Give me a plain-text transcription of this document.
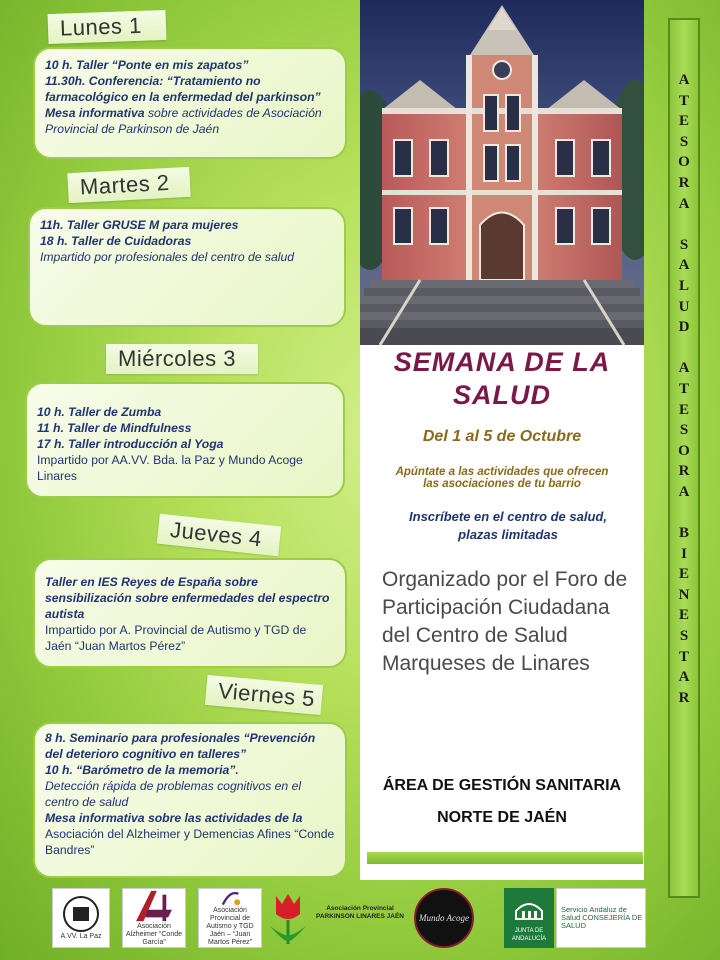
Lunes 1
10 h. Taller “Ponte en mis zapatos”
11.30h. Conferencia: “Tratamiento no farmacológico en la enfermedad del parkinson”
Mesa informativa sobre actividades de Asociación Provincial de Parkinson de Jaén
Martes 2
11h. Taller GRUSE M para mujeres
18 h. Taller de Cuidadoras
Impartido por profesionales del centro de salud
Miércoles 3
10 h. Taller de Zumba
11 h. Taller de Mindfulness
17 h. Taller introducción al Yoga
Impartido por AA.VV. Bda. la Paz y Mundo Acoge Linares
Jueves 4
Taller en IES Reyes de España sobre sensibilización sobre enfermedades del espectro autista
Impartido por A. Provincial de Autismo y TGD de Jaén “Juan Martos Pérez”
Viernes 5
8 h. Seminario para profesionales “Prevención del deterioro cognitivo en talleres”
10 h. “Barómetro de la memoria”.
Detección rápida de problemas cognitivos en el centro de salud
Mesa informativa sobre las actividades de la Asociación del Alzheimer y Demencias Afines “Conde Bandres”
SEMANA DE LA SALUD
Del 1 al 5 de Octubre
Apúntate a las actividades que ofrecen
las asociaciones de tu barrio
Inscríbete en el centro de salud,
plazas limitadas
Organizado por el Foro de Participación Ciudadana del Centro de Salud Marqueses de Linares
ÁREA DE GESTIÓN SANITARIA
NORTE DE JAÉN
A
T
E
S
O
R
A
S
A
L
U
D
A
T
E
S
O
R
A
B
I
E
N
E
S
T
A
R
A.VV. La Paz
Asociación Alzheimer “Conde García”
Asociación Provincial de Autismo y TGD Jaén – “Juan Martos Pérez”
Asociación Provincial PARKINSON LINARES JAÉN	Mundo Acoge
JUNTA DE ANDALUCÍA
Servicio Andaluz de Salud CONSEJERÍA DE SALUD
